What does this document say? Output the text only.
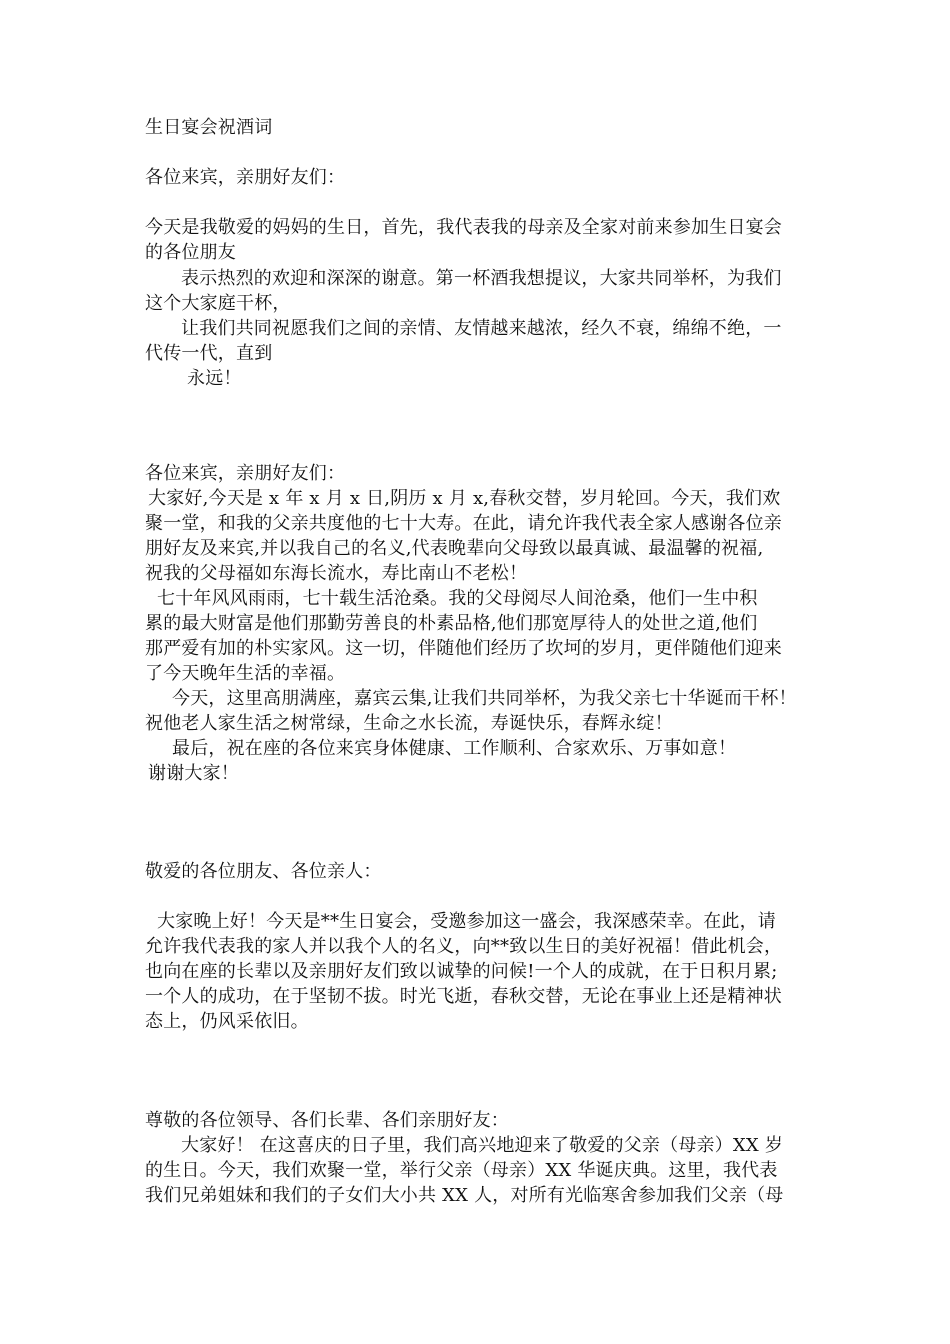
生日宴会祝酒词

各位来宾，亲朋好友们：

今天是我敬爱的妈妈的生日，首先，我代表我的母亲及全家对前来参加生日宴会

的各位朋友

表示热烈的欢迎和深深的谢意。第一杯酒我想提议，大家共同举杯，为我们

这个大家庭干杯，

让我们共同祝愿我们之间的亲情、友情越来越浓，经久不衰，绵绵不绝，一

代传一代，直到

永远！

各位来宾，亲朋好友们：

大家好,今天是 x 年 x 月 x 日,阴历 x 月 x,春秋交替，岁月轮回。今天，我们欢

聚一堂，和我的父亲共度他的七十大寿。在此，请允许我代表全家人感谢各位亲

朋好友及来宾,并以我自己的名义,代表晚辈向父母致以最真诚、最温馨的祝福,

祝我的父母福如东海长流水，寿比南山不老松！

七十年风风雨雨，七十载生活沧桑。我的父母阅尽人间沧桑，他们一生中积

累的最大财富是他们那勤劳善良的朴素品格,他们那宽厚待人的处世之道,他们

那严爱有加的朴实家风。这一切，伴随他们经历了坎坷的岁月，更伴随他们迎来

了今天晚年生活的幸福。

今天，这里高朋满座，嘉宾云集,让我们共同举杯，为我父亲七十华诞而干杯！

祝他老人家生活之树常绿，生命之水长流，寿诞快乐，春辉永绽！

最后，祝在座的各位来宾身体健康、工作顺利、合家欢乐、万事如意！

谢谢大家！

敬爱的各位朋友、各位亲人：

大家晚上好！今天是**生日宴会，受邀参加这一盛会，我深感荣幸。在此，请

允许我代表我的家人并以我个人的名义，向**致以生日的美好祝福！借此机会，

也向在座的长辈以及亲朋好友们致以诚挚的问候!一个人的成就，在于日积月累;

一个人的成功，在于坚韧不拔。时光飞逝，春秋交替，无论在事业上还是精神状

态上，仍风采依旧。

尊敬的各位领导、各们长辈、各们亲朋好友：

大家好！ 在这喜庆的日子里，我们高兴地迎来了敬爱的父亲（母亲）XX 岁

的生日。今天，我们欢聚一堂，举行父亲（母亲）XX 华诞庆典。这里，我代表

我们兄弟姐妹和我们的子女们大小共 XX 人，对所有光临寒舍参加我们父亲（母
